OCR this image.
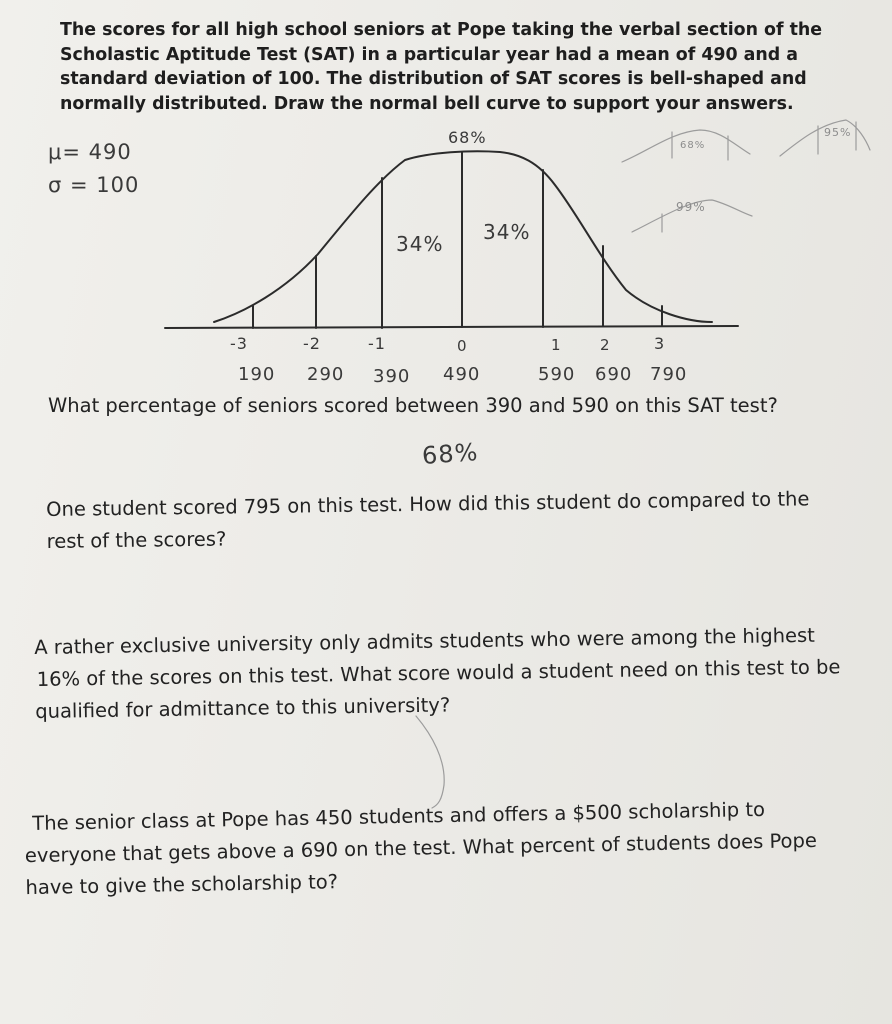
The scores for all high school seniors at Pope taking the verbal section of the
Scholastic Aptitude Test (SAT) in a particular year had a mean of 490 and a
standard deviation of 100. The distribution of SAT scores is bell-shaped and
normally distributed. Draw the normal bell curve to support your answers.
μ= 490
σ = 100
68%
34% 34%
68%
95%
99%
-3	-2	-1	0	1	2	3
190 290 390 490	590 690 790
What percentage of seniors scored between 390 and 590 on this SAT test?
68%
One student scored 795 on this test. How did this student do compared to the
rest of the scores?
A rather exclusive university only admits students who were among the highest
16% of the scores on this test. What score would a student need on this test to be
qualified for admittance to this university?
The senior class at Pope has 450 students and offers a $500 scholarship to
everyone that gets above a 690 on the test. What percent of students does Pope
have to give the scholarship to?
